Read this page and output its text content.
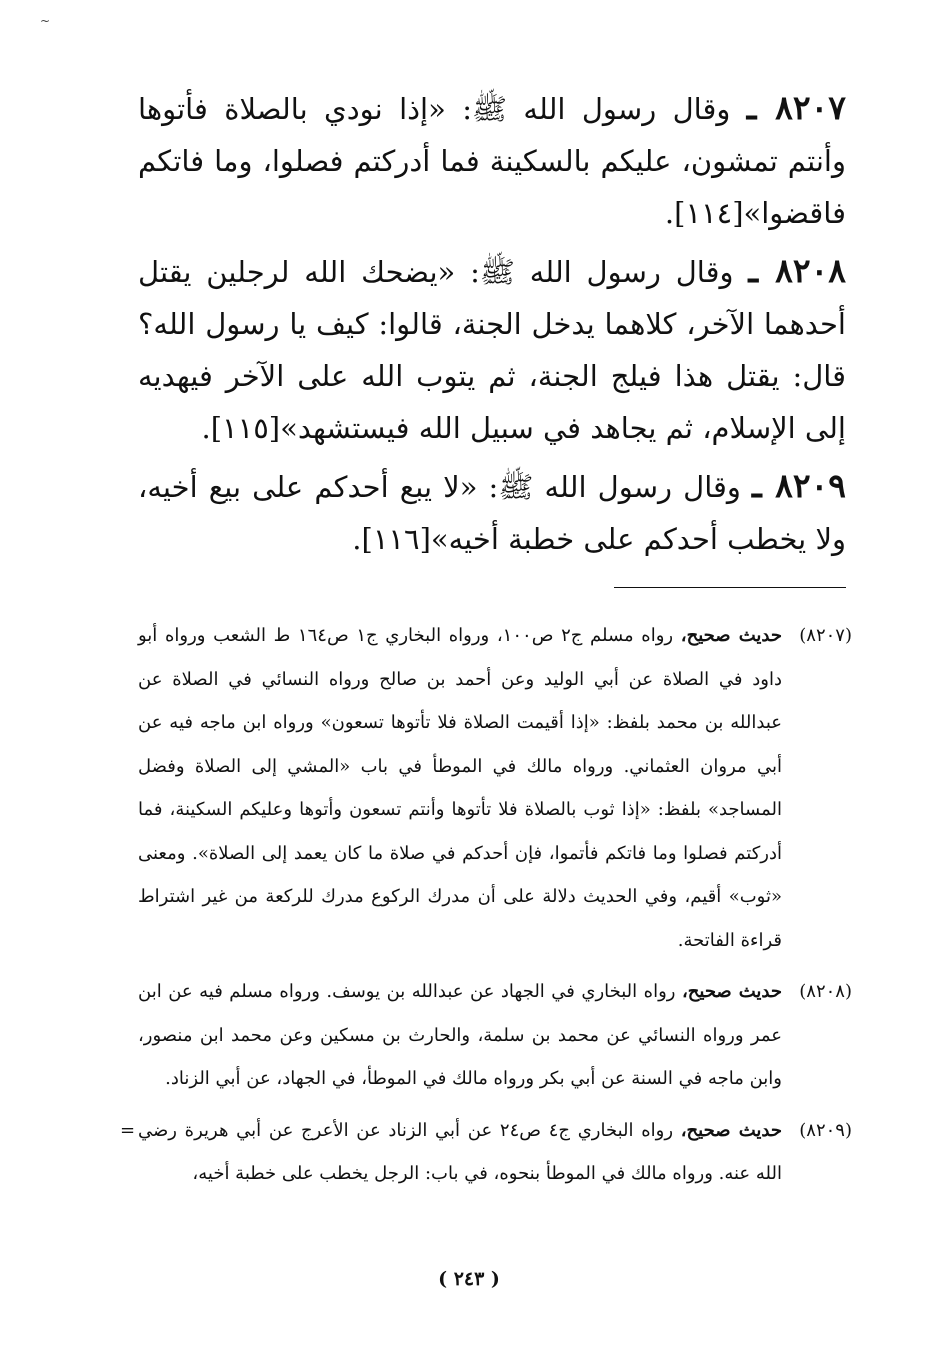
~

٨٢٠٧ ـ وقال رسول الله ﷺ: «إذا نودي بالصلاة فأتوها وأنتم تمشون، عليكم بالسكينة فما أدركتم فصلوا، وما فاتكم فاقضوا»[١١٤].

٨٢٠٨ ـ وقال رسول الله ﷺ: «يضحك الله لرجلين يقتل أحدهما الآخر، كلاهما يدخل الجنة، قالوا: كيف يا رسول الله؟ قال: يقتل هذا فيلج الجنة، ثم يتوب الله على الآخر فيهديه إلى الإسلام، ثم يجاهد في سبيل الله فيستشهد»[١١٥].

٨٢٠٩ ـ وقال رسول الله ﷺ: «لا يبع أحدكم على بيع أخيه، ولا يخطب أحدكم على خطبة أخيه»[١١٦].

(٨٢٠٧)
حديث صحيح، رواه مسلم ج٢ ص١٠٠، ورواه البخاري ج١ ص١٦٤ ط الشعب ورواه أبو داود في الصلاة عن أبي الوليد وعن أحمد بن صالح ورواه النسائي في الصلاة عن عبدالله بن محمد بلفظ: «إذا أقيمت الصلاة فلا تأتوها تسعون» ورواه ابن ماجه فيه عن أبي مروان العثماني. ورواه مالك في الموطأ في باب «المشي إلى الصلاة وفضل المساجد» بلفظ: «إذا ثوب بالصلاة فلا تأتوها وأنتم تسعون وأتوها وعليكم السكينة، فما أدركتم فصلوا وما فاتكم فأتموا، فإن أحدكم في صلاة ما كان يعمد إلى الصلاة». ومعنى «ثوب» أقيم، وفي الحديث دلالة على أن مدرك الركوع مدرك للركعة من غير اشتراط قراءة الفاتحة.
(٨٢٠٨)
حديث صحيح، رواه البخاري في الجهاد عن عبدالله بن يوسف. ورواه مسلم فيه عن ابن عمر ورواه النسائي عن محمد بن سلمة، والحارث بن مسكين وعن محمد ابن منصور، وابن ماجه في السنة عن أبي بكر ورواه مالك في الموطأ، في الجهاد، عن أبي الزناد.
(٨٢٠٩)
حديث صحيح، رواه البخاري ج٤ ص٢٤ عن أبي الزناد عن الأعرج عن أبي هريرة رضي الله عنه. ورواه مالك في الموطأ بنحوه، في باب: الرجل يخطب على خطبة أخيه،
=
( ٢٤٣ )
